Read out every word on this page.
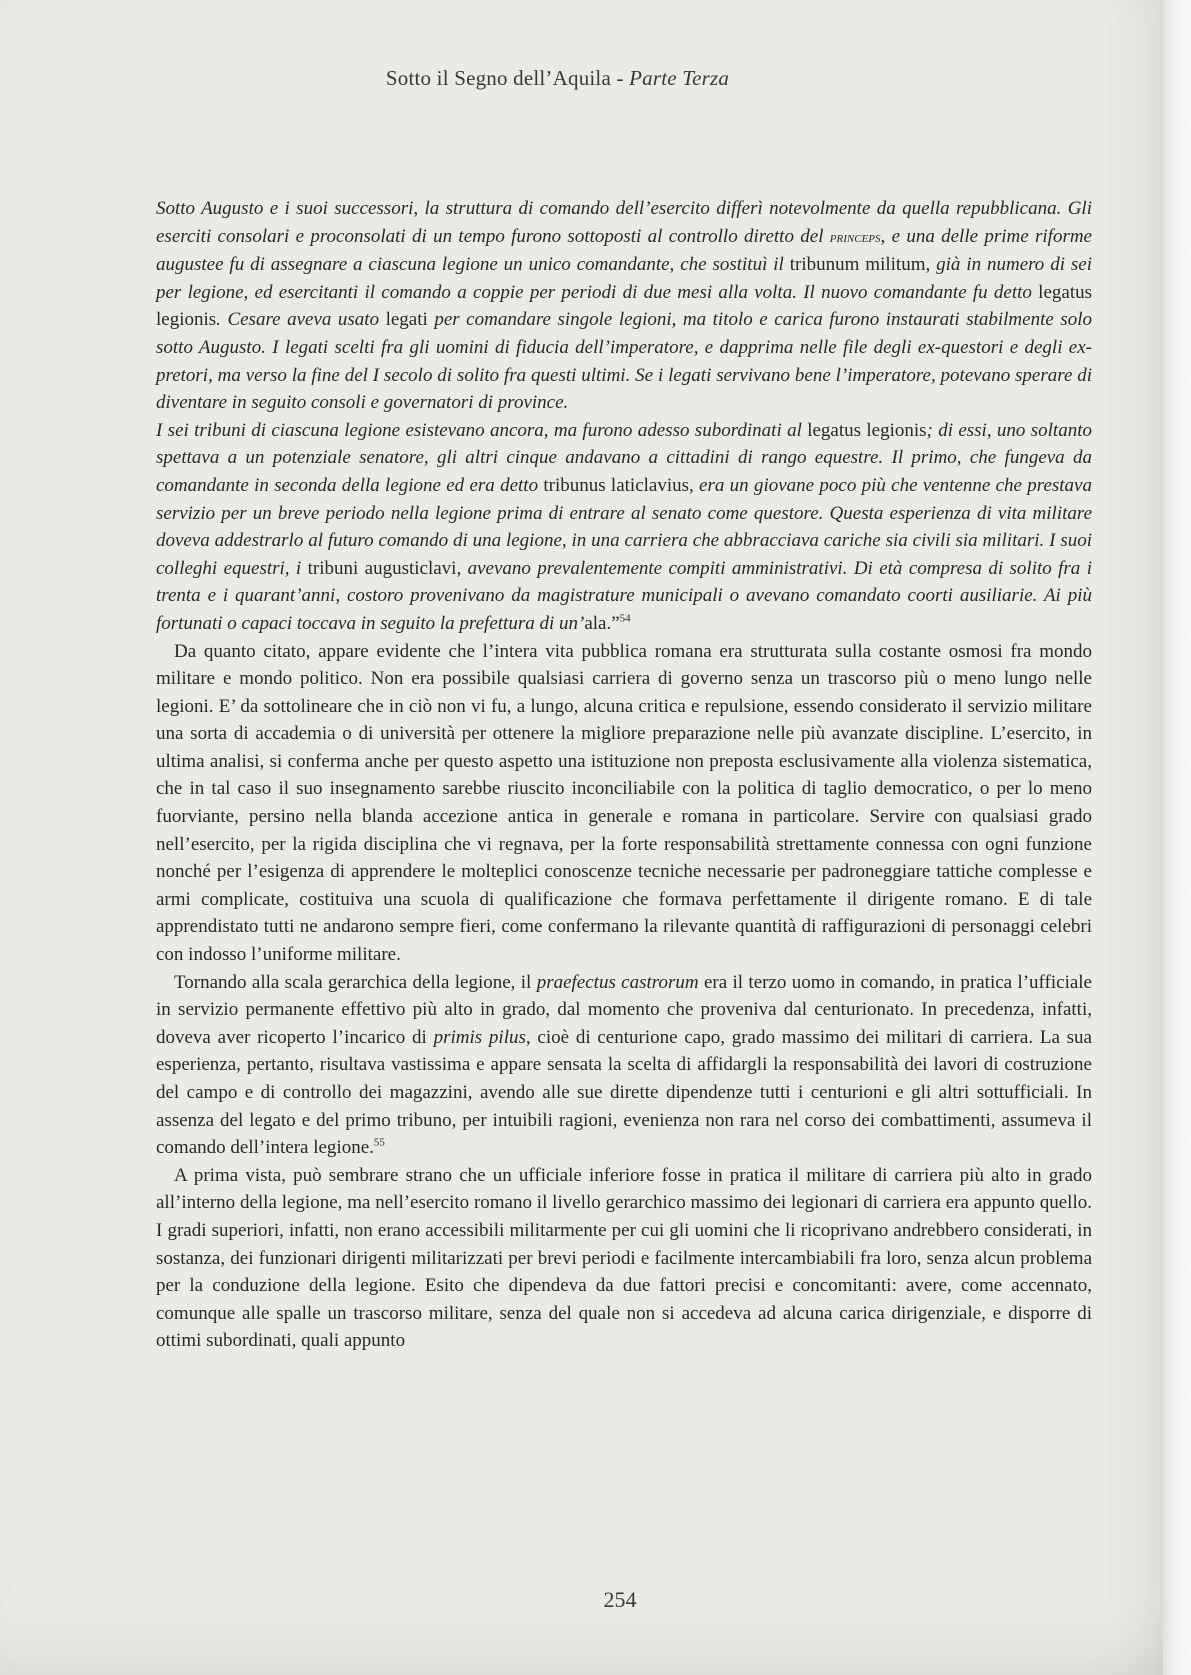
Sotto il Segno dell’Aquila - Parte Terza

Sotto Augusto e i suoi successori, la struttura di comando dell’esercito differì notevolmente da quella repubblicana. Gli eserciti consolari e proconsolati di un tempo furono sottoposti al controllo diretto del princeps, e una delle prime riforme augustee fu di assegnare a ciascuna legione un unico comandante, che sostituì il tribunum militum, già in numero di sei per legione, ed esercitanti il comando a coppie per periodi di due mesi alla volta. Il nuovo comandante fu detto legatus legionis. Cesare aveva usato legati per comandare singole legioni, ma titolo e carica furono instaurati stabilmente solo sotto Augusto. I legati scelti fra gli uomini di fiducia dell’imperatore, e dapprima nelle file degli ex-questori e degli ex-pretori, ma verso la fine del I secolo di solito fra questi ultimi. Se i legati servivano bene l’imperatore, potevano sperare di diventare in seguito consoli e governatori di province.

I sei tribuni di ciascuna legione esistevano ancora, ma furono adesso subordinati al legatus legionis; di essi, uno soltanto spettava a un potenziale senatore, gli altri cinque andavano a cittadini di rango equestre. Il primo, che fungeva da comandante in seconda della legione ed era detto tribunus laticlavius, era un giovane poco più che ventenne che prestava servizio per un breve periodo nella legione prima di entrare al senato come questore. Questa esperienza di vita militare doveva addestrarlo al futuro comando di una legione, in una carriera che abbracciava cariche sia civili sia militari. I suoi colleghi equestri, i tribuni augusticlavi, avevano prevalentemente compiti amministrativi. Di età compresa di solito fra i trenta e i quarant’anni, costoro provenivano da magistrature municipali o avevano comandato coorti ausiliarie. Ai più fortunati o capaci toccava in seguito la prefettura di un’ala.”$^{54}$

Da quanto citato, appare evidente che l’intera vita pubblica romana era strutturata sulla costante osmosi fra mondo militare e mondo politico. Non era possibile qualsiasi carriera di governo senza un trascorso più o meno lungo nelle legioni. E’ da sottolineare che in ciò non vi fu, a lungo, alcuna critica e repulsione, essendo considerato il servizio militare una sorta di accademia o di università per ottenere la migliore preparazione nelle più avanzate discipline. L’esercito, in ultima analisi, si conferma anche per questo aspetto una istituzione non preposta esclusivamente alla violenza sistematica, che in tal caso il suo insegnamento sarebbe riuscito inconciliabile con la politica di taglio democratico, o per lo meno fuorviante, persino nella blanda accezione antica in generale e romana in particolare. Servire con qualsiasi grado nell’esercito, per la rigida disciplina che vi regnava, per la forte responsabilità strettamente connessa con ogni funzione nonché per l’esigenza di apprendere le molteplici conoscenze tecniche necessarie per padroneggiare tattiche complesse e armi complicate, costituiva una scuola di qualificazione che formava perfettamente il dirigente romano. E di tale apprendistato tutti ne andarono sempre fieri, come confermano la rilevante quantità di raffigurazioni di personaggi celebri con indosso l’uniforme militare.

Tornando alla scala gerarchica della legione, il praefectus castrorum era il terzo uomo in comando, in pratica l’ufficiale in servizio permanente effettivo più alto in grado, dal momento che proveniva dal centurionato. In precedenza, infatti, doveva aver ricoperto l’incarico di primis pilus, cioè di centurione capo, grado massimo dei militari di carriera. La sua esperienza, pertanto, risultava vastissima e appare sensata la scelta di affidargli la responsabilità dei lavori di costruzione del campo e di controllo dei magazzini, avendo alle sue dirette dipendenze tutti i centurioni e gli altri sottufficiali. In assenza del legato e del primo tribuno, per intuibili ragioni, evenienza non rara nel corso dei combattimenti, assumeva il comando dell’intera legione.$^{55}$

A prima vista, può sembrare strano che un ufficiale inferiore fosse in pratica il militare di carriera più alto in grado all’interno della legione, ma nell’esercito romano il livello gerarchico massimo dei legionari di carriera era appunto quello. I gradi superiori, infatti, non erano accessibili militarmente per cui gli uomini che li ricoprivano andrebbero considerati, in sostanza, dei funzionari dirigenti militarizzati per brevi periodi e facilmente intercambiabili fra loro, senza alcun problema per la conduzione della legione. Esito che dipendeva da due fattori precisi e concomitanti: avere, come accennato, comunque alle spalle un trascorso militare, senza del quale non si accedeva ad alcuna carica dirigenziale, e disporre di ottimi subordinati, quali appunto

254
